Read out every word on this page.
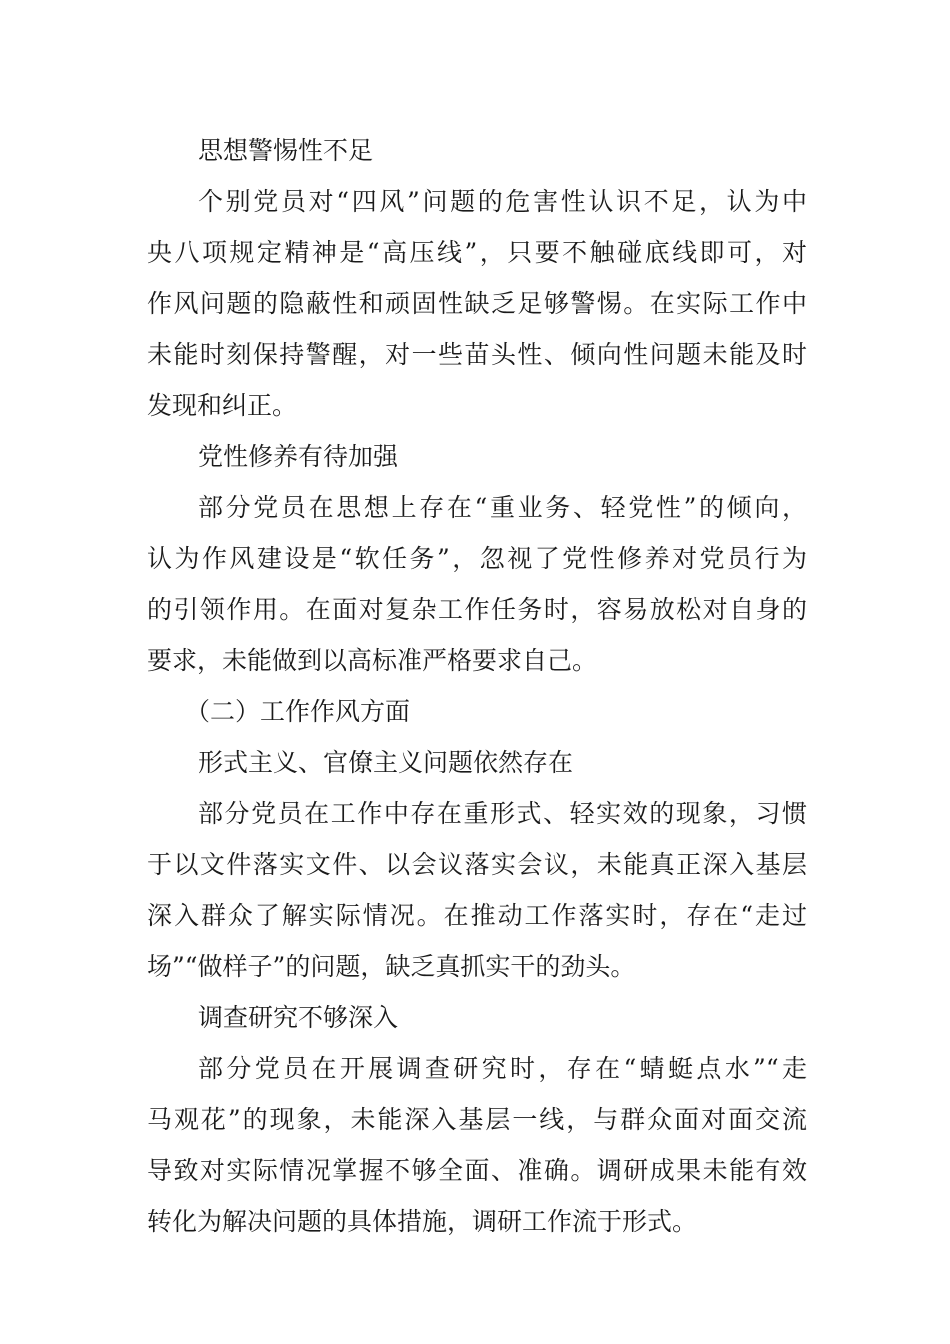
思想警惕性不足
个别党员对“四风”问题的危害性认识不足，认为中
央八项规定精神是“高压线”，只要不触碰底线即可，对
作风问题的隐蔽性和顽固性缺乏足够警惕。在实际工作中
未能时刻保持警醒，对一些苗头性、倾向性问题未能及时
发现和纠正。
党性修养有待加强
部分党员在思想上存在“重业务、轻党性”的倾向，
认为作风建设是“软任务”，忽视了党性修养对党员行为
的引领作用。在面对复杂工作任务时，容易放松对自身的
要求，未能做到以高标准严格要求自己。
（二）工作作风方面
形式主义、官僚主义问题依然存在
部分党员在工作中存在重形式、轻实效的现象，习惯
于以文件落实文件、以会议落实会议，未能真正深入基层
深入群众了解实际情况。在推动工作落实时，存在“走过
场”“做样子”的问题，缺乏真抓实干的劲头。
调查研究不够深入
部分党员在开展调查研究时，存在“蜻蜓点水”“走
马观花”的现象，未能深入基层一线，与群众面对面交流
导致对实际情况掌握不够全面、准确。调研成果未能有效
转化为解决问题的具体措施，调研工作流于形式。
